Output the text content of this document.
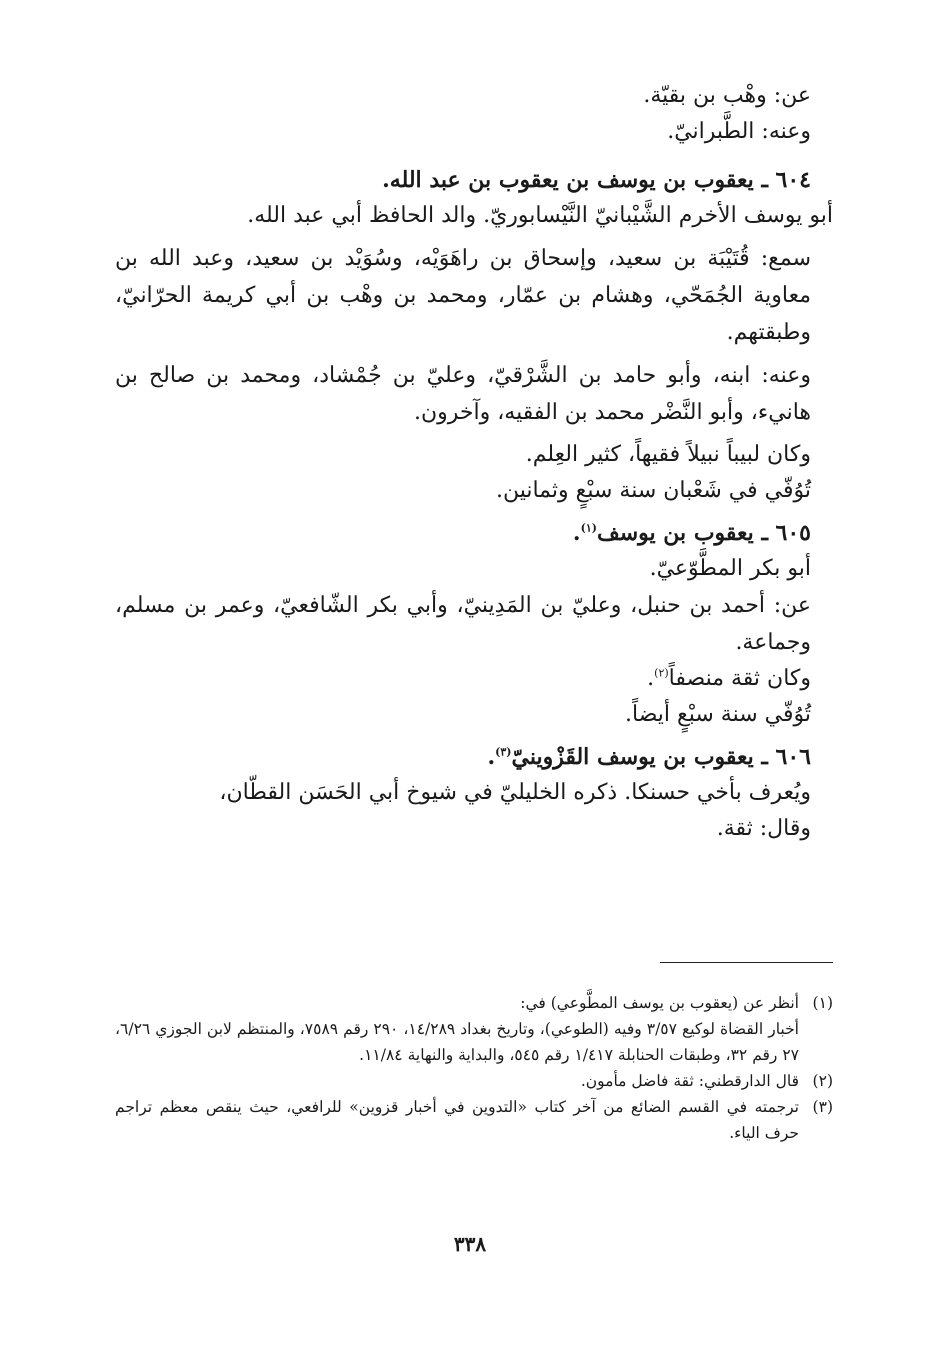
عن: وهْب بن بقيّة.
وعنه: الطَّبرانيّ.
٦٠٤ ـ يعقوب بن يوسف بن يعقوب بن عبد الله.
أبو يوسف الأخرم الشَّيْبانيّ النَّيْسابوريّ. والد الحافظ أبي عبد الله.
سمع: قُتَيْبَة بن سعيد، وإسحاق بن راهَوَيْه، وسُوَيْد بن سعيد، وعبد الله بن معاوية الجُمَحّي، وهشام بن عمّار، ومحمد بن وهْب بن أبي كريمة الحرّانيّ، وطبقتهم.
وعنه: ابنه، وأبو حامد بن الشَّرْقيّ، وعليّ بن جُمْشاد، ومحمد بن صالح بن هانيء، وأبو النَّضْر محمد بن الفقيه، وآخرون.
وكان لبيباً نبيلاً فقيهاً، كثير العِلم.
تُوُفّي في شَعْبان سنة سبْعٍ وثمانين.
٦٠٥ ـ يعقوب بن يوسف$^{(١)}$.
أبو بكر المطَّوّعيّ.
عن: أحمد بن حنبل، وعليّ بن المَدِينيّ، وأبي بكر الشّافعيّ، وعمر بن مسلم، وجماعة.
وكان ثقة منصفاً$^{(٢)}$.
تُوُفّي سنة سبْعٍ أيضاً.
٦٠٦ ـ يعقوب بن يوسف القَزْوينيّ$^{(٣)}$.
ويُعرف بأخي حسنكا. ذكره الخليليّ في شيوخ أبي الحَسَن القطّان،
وقال: ثقة.
(١)
أنظر عن (يعقوب بن يوسف المطَّوعي) في:
أخبار القضاة لوكيع ٣/٥٧ وفيه (الطوعي)، وتاريخ بغداد ١٤/٢٨٩، ٢٩٠ رقم ٧٥٨٩، والمنتظم لابن الجوزي ٦/٢٦، ٢٧ رقم ٣٢، وطبقات الحنابلة ١/٤١٧ رقم ٥٤٥، والبداية والنهاية ١١/٨٤.
(٢)
قال الدارقطني: ثقة فاضل مأمون.
(٣)
ترجمته في القسم الضائع من آخر كتاب «التدوين في أخبار قزوين» للرافعي، حيث ينقص معظم تراجم حرف الياء.
٣٣٨
